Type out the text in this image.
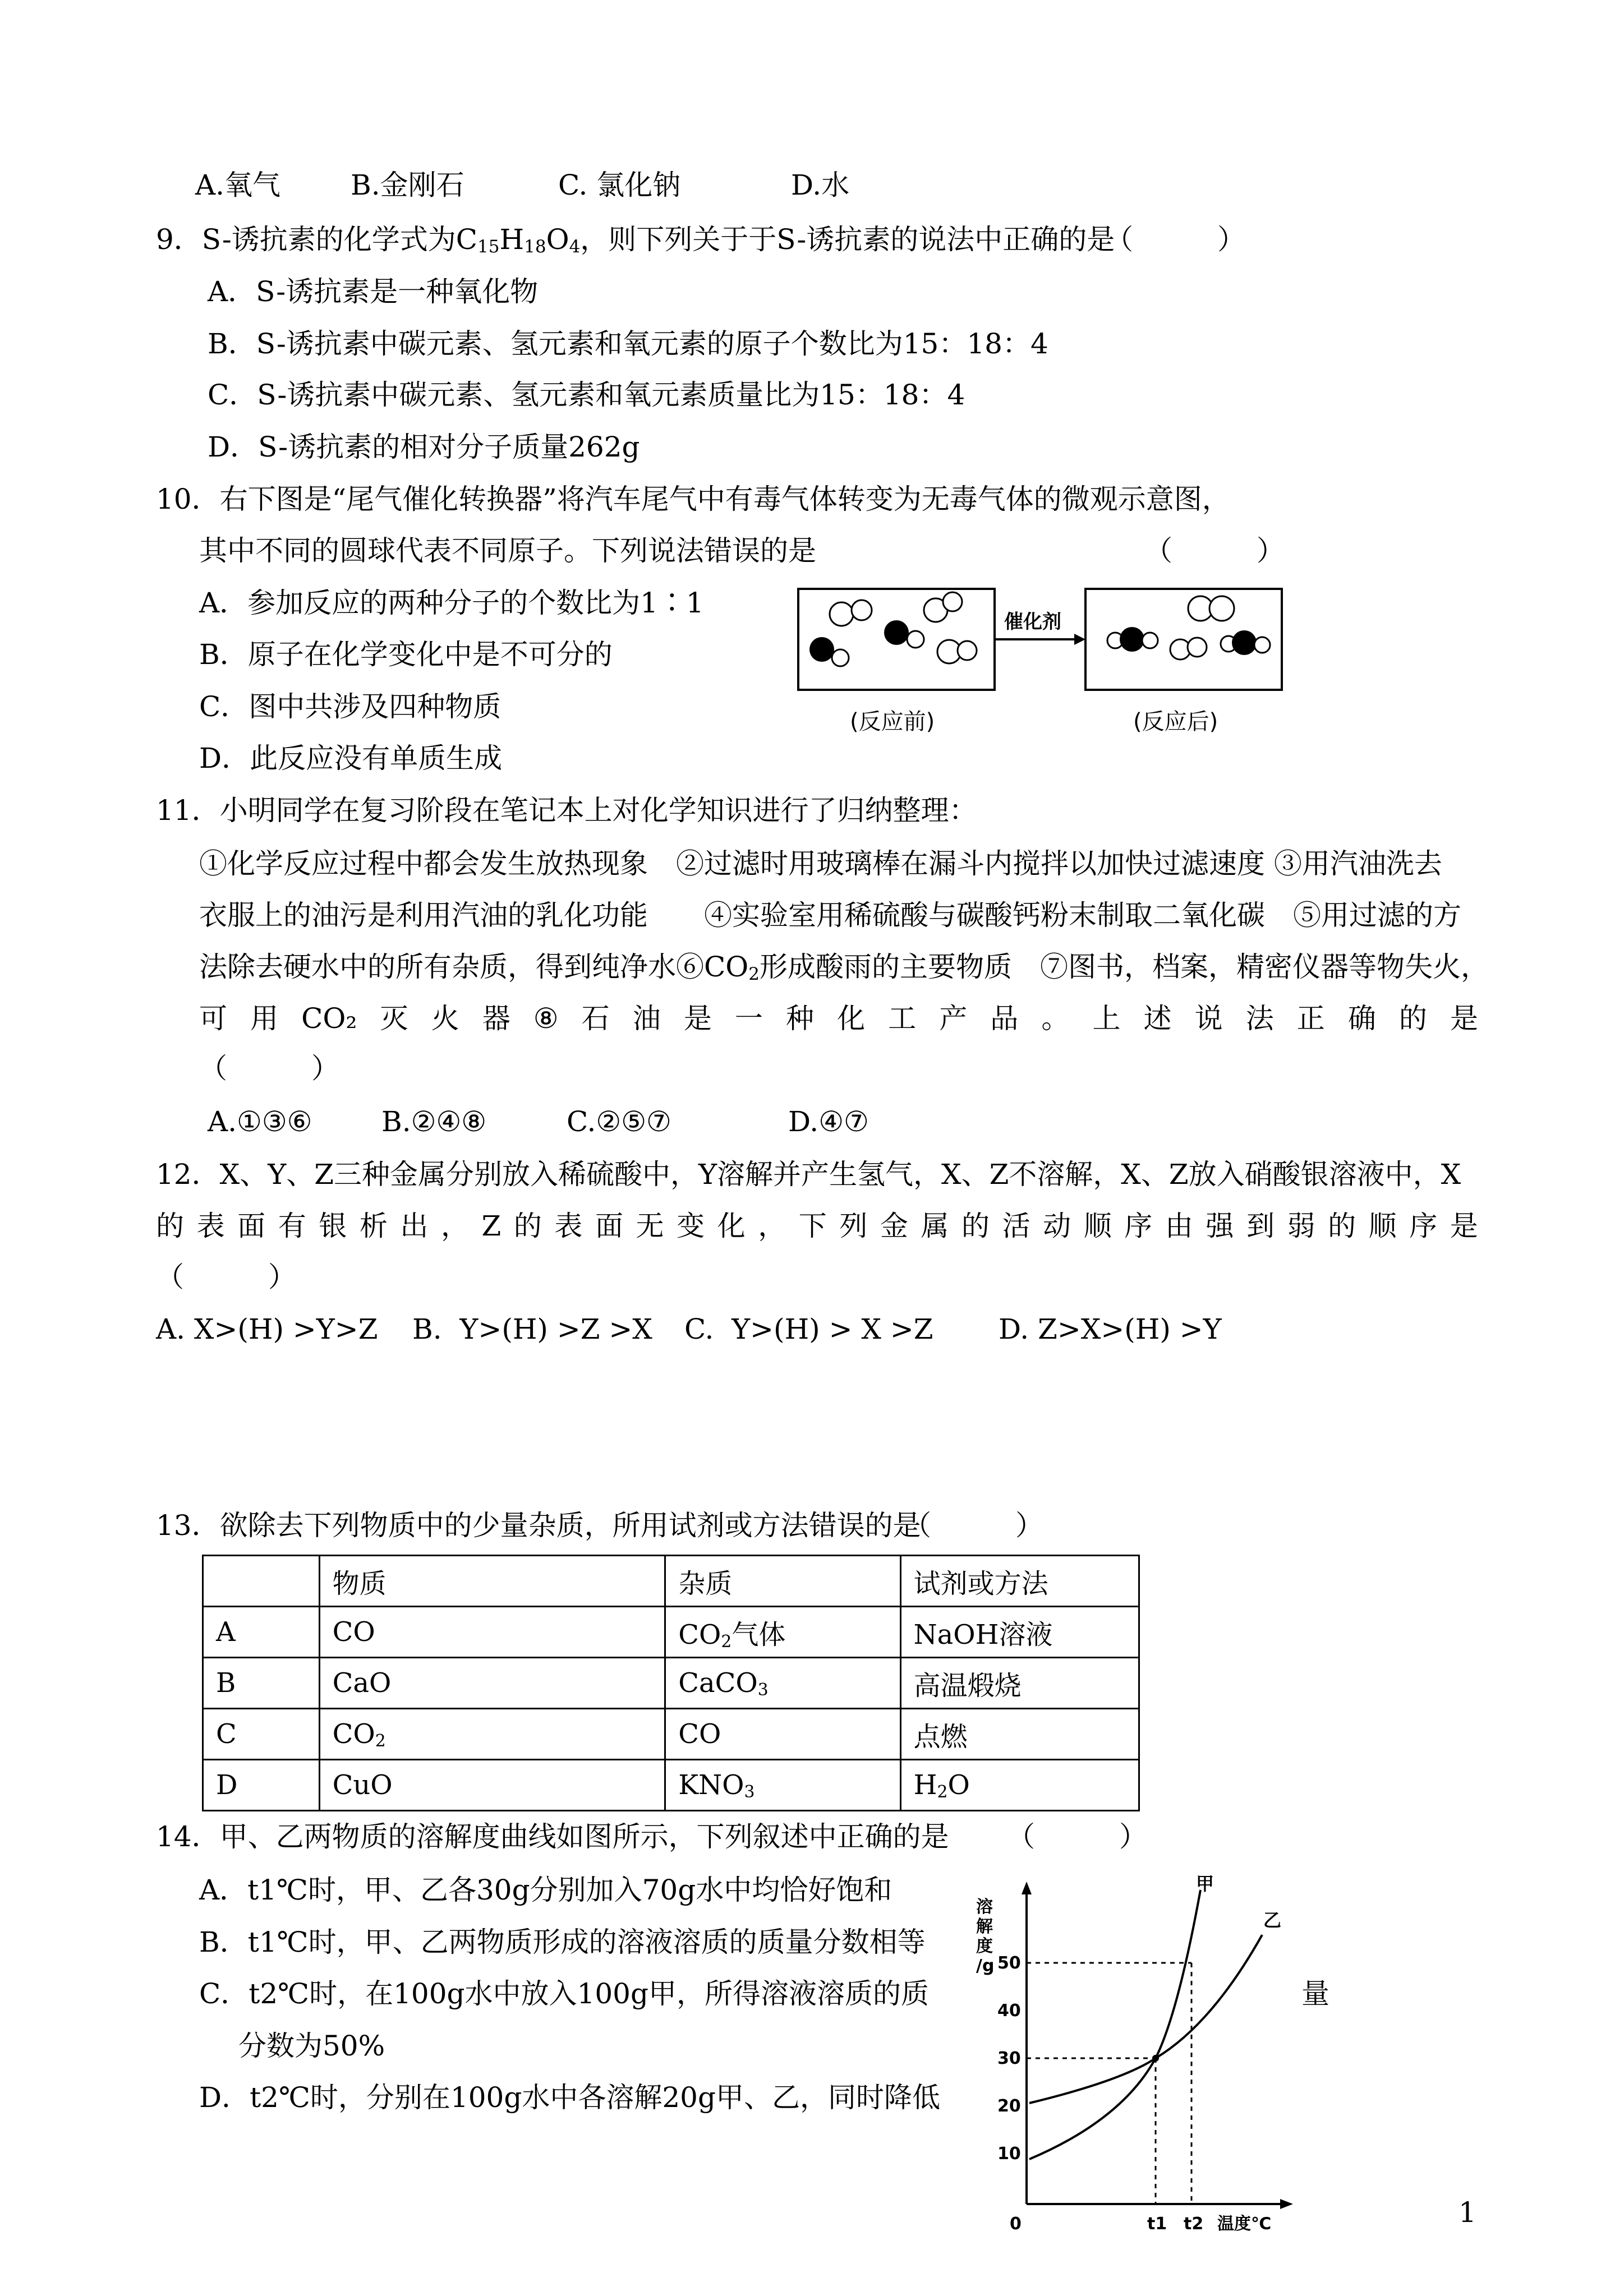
A.氧气 B.金刚石	C. 氯化钠	D.水
9．S-诱抗素的化学式为$C_{15}H_{18}O_4$，则下列关于于S-诱抗素的说法中正确的是
（　　　）
A．S-诱抗素是一种氧化物
B．S-诱抗素中碳元素、氢元素和氧元素的原子个数比为15：18：4
C．S-诱抗素中碳元素、氢元素和氧元素质量比为15：18：4
D．S-诱抗素的相对分子质量262g
10．右下图是“尾气催化转换器”将汽车尾气中有毒气体转变为无毒气体的微观示意图，
其中不同的圆球代表不同原子。下列说法错误的是	（　　　）
A．参加反应的两种分子的个数比为1∶1
B．原子在化学变化中是不可分的
C．图中共涉及四种物质
D．此反应没有单质生成
催化剂
(反应前)	(反应后)
11．小明同学在复习阶段在笔记本上对化学知识进行了归纳整理：
①化学反应过程中都会发生放热现象　②过滤时用玻璃棒在漏斗内搅拌以加快过滤速度 ③用汽油洗去
衣服上的油污是利用汽油的乳化功能　　④实验室用稀硫酸与碳酸钙粉末制取二氧化碳　⑤用过滤的方
法除去硬水中的所有杂质，得到纯净水$⑥CO_2$形成酸雨的主要物质　⑦图书，档案，精密仪器等物失火，
可 用 CO₂ 灭 火 器 ⑧ 石 油 是 一 种 化 工 产 品 。 上 述 说 法 正 确 的 是
（　　　）
A.①③⑥ B.②④⑧	C.②⑤⑦	D.④⑦
12．X、Y、Z三种金属分别放入稀硫酸中，Y溶解并产生氢气，X、Z不溶解，X、Z放入硝酸银溶液中，X
的 表 面 有 银 析 出 ， Z 的 表 面 无 变 化 ， 下 列 金 属 的 活 动 顺 序 由 强 到 弱 的 顺 序 是
（　　　）
A. X>(H) >Y>Z B.  Y>(H) >Z >X C.  Y>(H) > X >Z D. Z>X>(H) >Y
13．欲除去下列物质中的少量杂质，所用试剂或方法错误的是
（　　　）
	物质	杂质	试剂或方法
A	CO	$CO_2$气体	NaOH溶液
B	CaO	CaCO$_3$	高温煅烧
C	$CO_2$	CO	点燃
D	CuO	$KNO_3$	$H_2O$
14．甲、乙两物质的溶解度曲线如图所示，下列叙述中正确的是 （　　　）
A．t1℃时，甲、乙各30g分别加入70g水中均恰好饱和
B．t1℃时，甲、乙两物质形成的溶液溶质的质量分数相等
C．t2℃时，在100g水中放入100g甲，所得溶液溶质的质	量
分数为50%
D．t2℃时，分别在100g水中各溶解20g甲、乙，同时降低
溶
解
度
/g 50
40
30
20
10
甲
乙
0	t1 t2 温度℃	1
